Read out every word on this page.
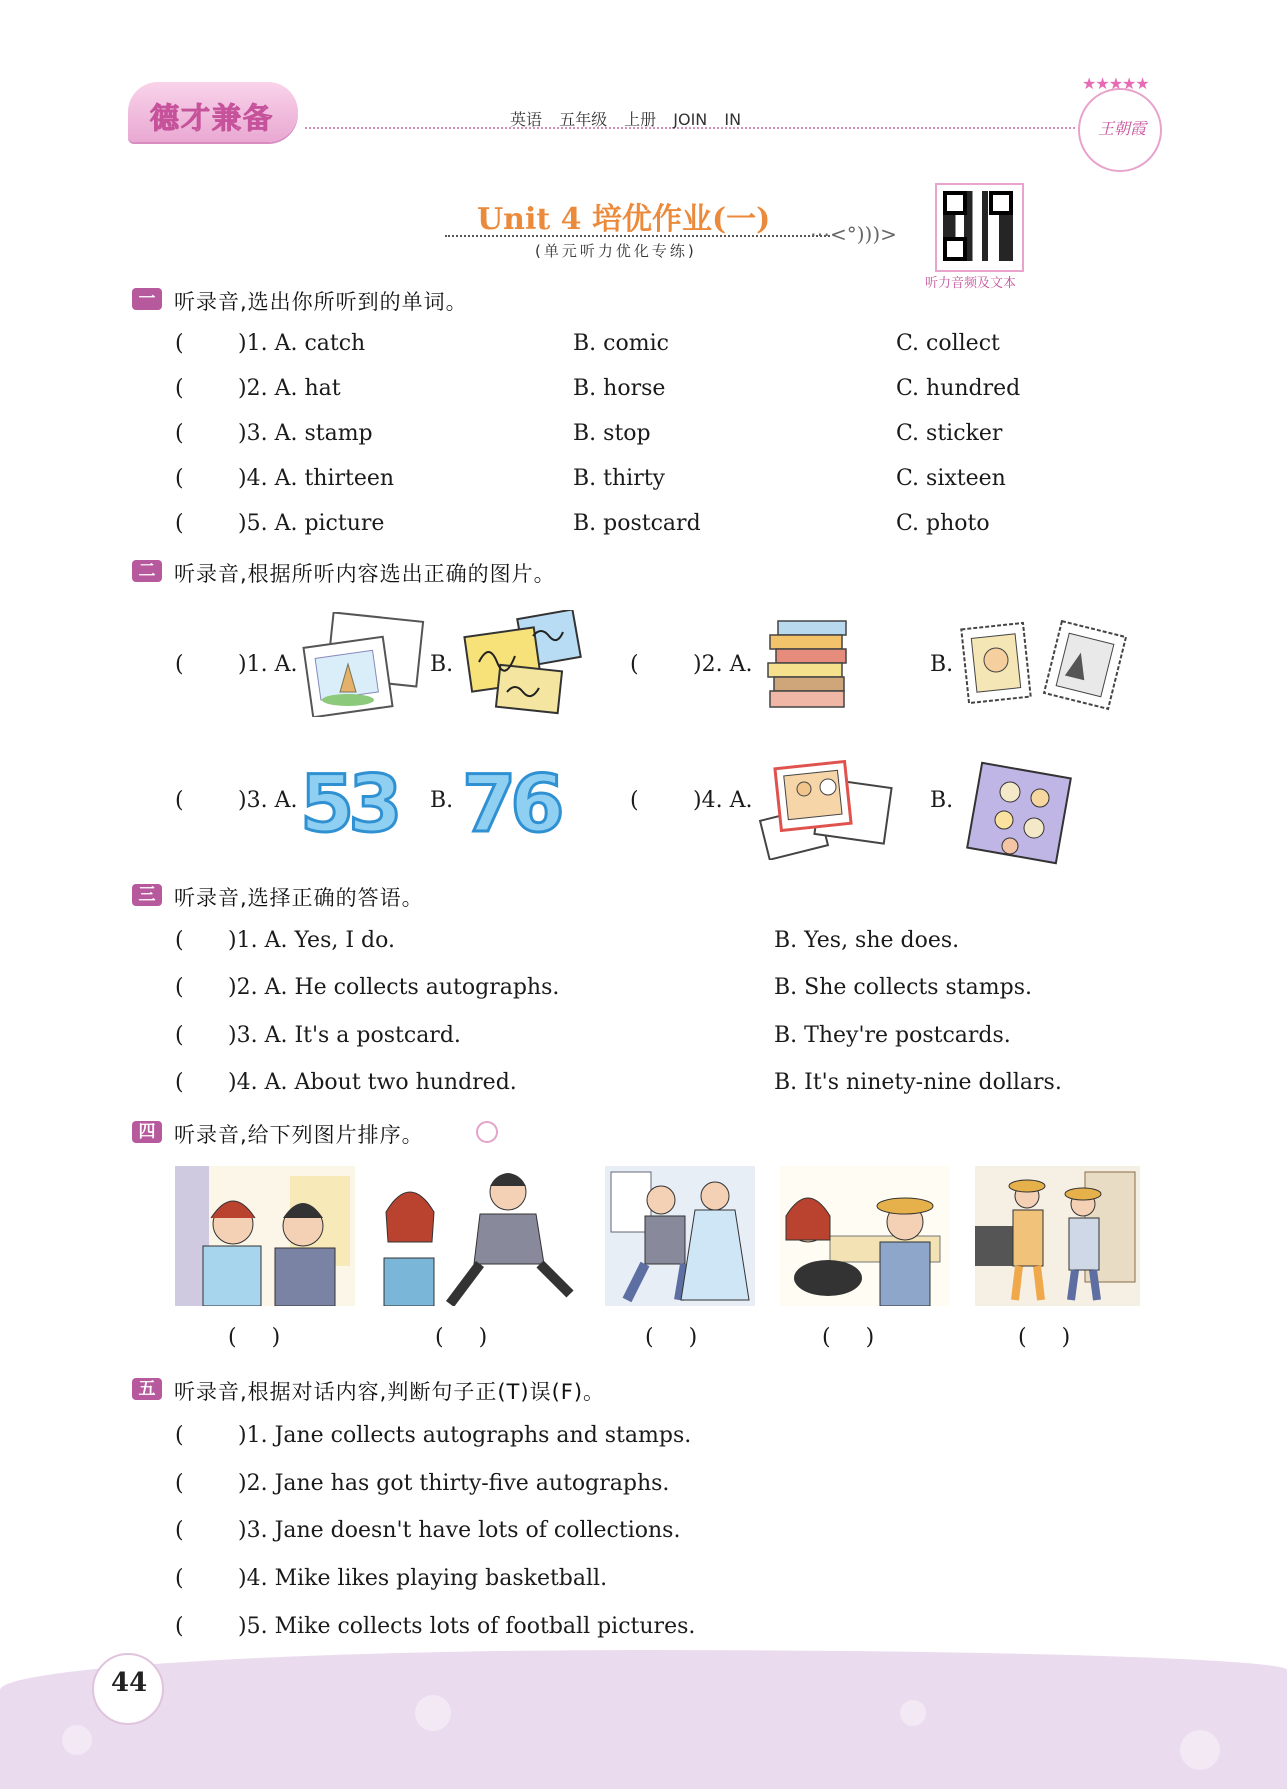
德才兼备	英语 五年级 上册 JOIN IN
★★★★★
王朝霞
Unit 4 培优作业(一)
(单元听力优化专练)
⋯<°)))>
听力音频及文本
一 听录音,选出你所听到的单词。
( )1. A. catch	B. comic	C. collect
( )2. A. hat	B. horse	C. hundred
( )3. A. stamp	B. stop	C. sticker
( )4. A. thirteen	B. thirty	C. sixteen
( )5. A. picture	B. postcard	C. photo
二 听录音,根据所听内容选出正确的图片。
( )1. A.	B.	( )2. A.	B.
( )3. A. 53 B. 76	( )4. A.	B.
三 听录音,选择正确的答语。
( )1. A. Yes, I do.	B. Yes, she does.
( )2. A. He collects autographs.	B. She collects stamps.
( )3. A. It's a postcard.	B. They're postcards.
( )4. A. About two hundred.	B. It's ninety-nine dollars.
四 听录音,给下列图片排序。
( )	( )	( )	( )	( )
五 听录音,根据对话内容,判断句子正(T)误(F)。
( )1. Jane collects autographs and stamps.
( )2. Jane has got thirty-five autographs.
( )3. Jane doesn't have lots of collections.
( )4. Mike likes playing basketball.
( )5. Mike collects lots of football pictures.
44
